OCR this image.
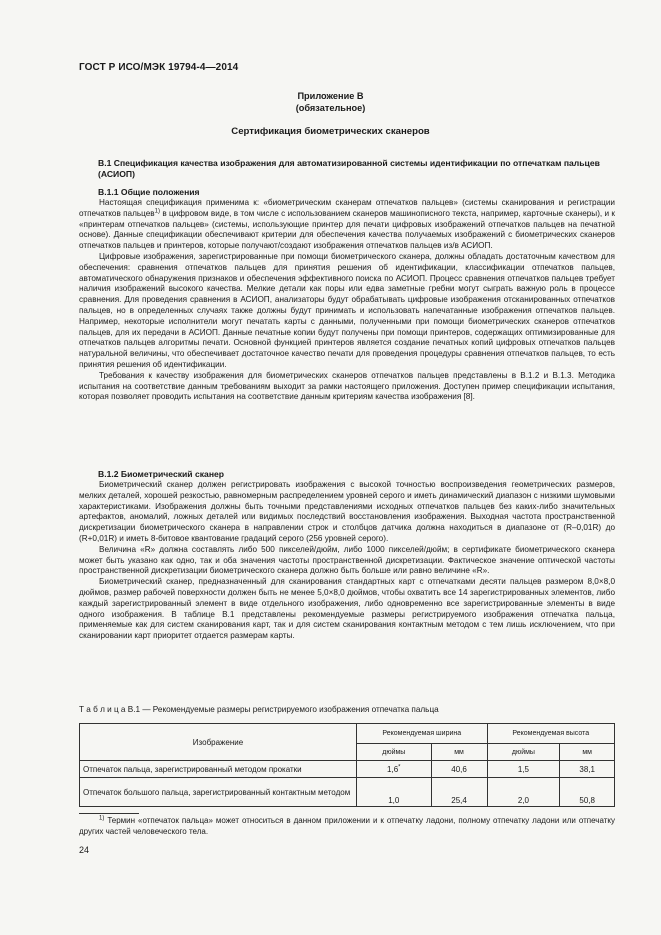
ГОСТ Р ИСО/МЭК 19794-4—2014
Приложение В
(обязательное)
Сертификация биометрических сканеров
В.1 Спецификация качества изображения для автоматизированной системы идентификации по отпечаткам пальцев (АСИОП)
В.1.1 Общие положения

Настоящая спецификация применима к: «биометрическим сканерам отпечатков пальцев» (системы сканирования и регистрации отпечатков пальцев$^{1)}$ в цифровом виде, в том числе с использованием сканеров машинописного текста, например, карточные сканеры), и к «принтерам отпечатков пальцев» (системы, использующие принтер для печати цифровых изображений отпечатков пальцев на печатной основе). Данные спецификации обеспечивают критерии для обеспечения качества получаемых изображений с биометрических сканеров отпечатков пальцев и принтеров, которые получают/создают изображения отпечатков пальцев из/в АСИОП.

Цифровые изображения, зарегистрированные при помощи биометрического сканера, должны обладать достаточным качеством для обеспечения: сравнения отпечатков пальцев для принятия решения об идентификации, классификации отпечатков пальцев, автоматического обнаружения признаков и обеспечения эффективного поиска по АСИОП. Процесс сравнения отпечатков пальцев требует наличия изображений высокого качества. Мелкие детали как поры или едва заметные гребни могут сыграть важную роль в процессе сравнения. Для проведения сравнения в АСИОП, анализаторы будут обрабатывать цифровые изображения отсканированных отпечатков пальцев, но в определенных случаях также должны будут принимать и использовать напечатанные изображения отпечатков пальцев. Например, некоторые исполнители могут печатать карты с данными, полученными при помощи биометрических сканеров отпечатков пальцев, для их передачи в АСИОП. Данные печатные копии будут получены при помощи принтеров, содержащих оптимизированные для отпечатков пальцев алгоритмы печати. Основной функцией принтеров является создание печатных копий цифровых отпечатков пальцев натуральной величины, что обеспечивает достаточное качество печати для проведения процедуры сравнения отпечатков пальцев, то есть принятия решения об идентификации.

Требования к качеству изображения для биометрических сканеров отпечатков пальцев представлены в В.1.2 и В.1.3. Методика испытания на соответствие данным требованиям выходит за рамки настоящего приложения. Доступен пример спецификации испытания, которая позволяет проводить испытания на соответствие данным критериям качества изображения [8].

В.1.2 Биометрический сканер

Биометрический сканер должен регистрировать изображения с высокой точностью воспроизведения геометрических размеров, мелких деталей, хорошей резкостью, равномерным распределением уровней серого и иметь динамический диапазон с низкими шумовыми характеристиками. Изображения должны быть точными представлениями исходных отпечатков пальцев без каких-либо значительных артефактов, аномалий, ложных деталей или видимых последствий восстановления изображения. Выходная частота пространственной дискретизации биометрического сканера в направлении строк и столбцов датчика должна находиться в диапазоне от (R–0,01R) до (R+0,01R) и иметь 8-битовое квантование градаций серого (256 уровней серого).

Величина «R» должна составлять либо 500 пикселей/дюйм, либо 1000 пикселей/дюйм; в сертификате биометрического сканера может быть указано как одно, так и оба значения частоты пространственной дискретизации. Фактическое значение оптической частоты пространственной дискретизации биометрического сканера должно быть больше или равно величине «R».

Биометрический сканер, предназначенный для сканирования стандартных карт с отпечатками десяти пальцев размером 8,0×8,0 дюймов, размер рабочей поверхности должен быть не менее 5,0×8,0 дюймов, чтобы охватить все 14 зарегистрированных элементов, либо каждый зарегистрированный элемент в виде отдельного изображения, либо одновременно все зарегистрированные элементы в виде одного изображения. В таблице В.1 представлены рекомендуемые размеры регистрируемого изображения отпечатка пальца, применяемые как для систем сканирования карт, так и для систем сканирования контактным методом с тем лишь исключением, что при сканировании карт приоритет отдается размерам карты.

Т а б л и ц а В.1 — Рекомендуемые размеры регистрируемого изображения отпечатка пальца
Изображение	Рекомендуемая ширина		Рекомендуемая высота	
	дюймы	мм	дюймы	мм
Отпечаток пальца, зарегистрированный методом прокатки	1,6*	40,6	1,5	38,1
Отпечаток большого пальца, зарегистрированный контактным методом	1,0	25,4	2,0	50,8
$^{1)}$ Термин «отпечаток пальца» может относиться в данном приложении и к отпечатку ладони, полному отпечатку ладони или отпечатку других частей человеческого тела.
24
